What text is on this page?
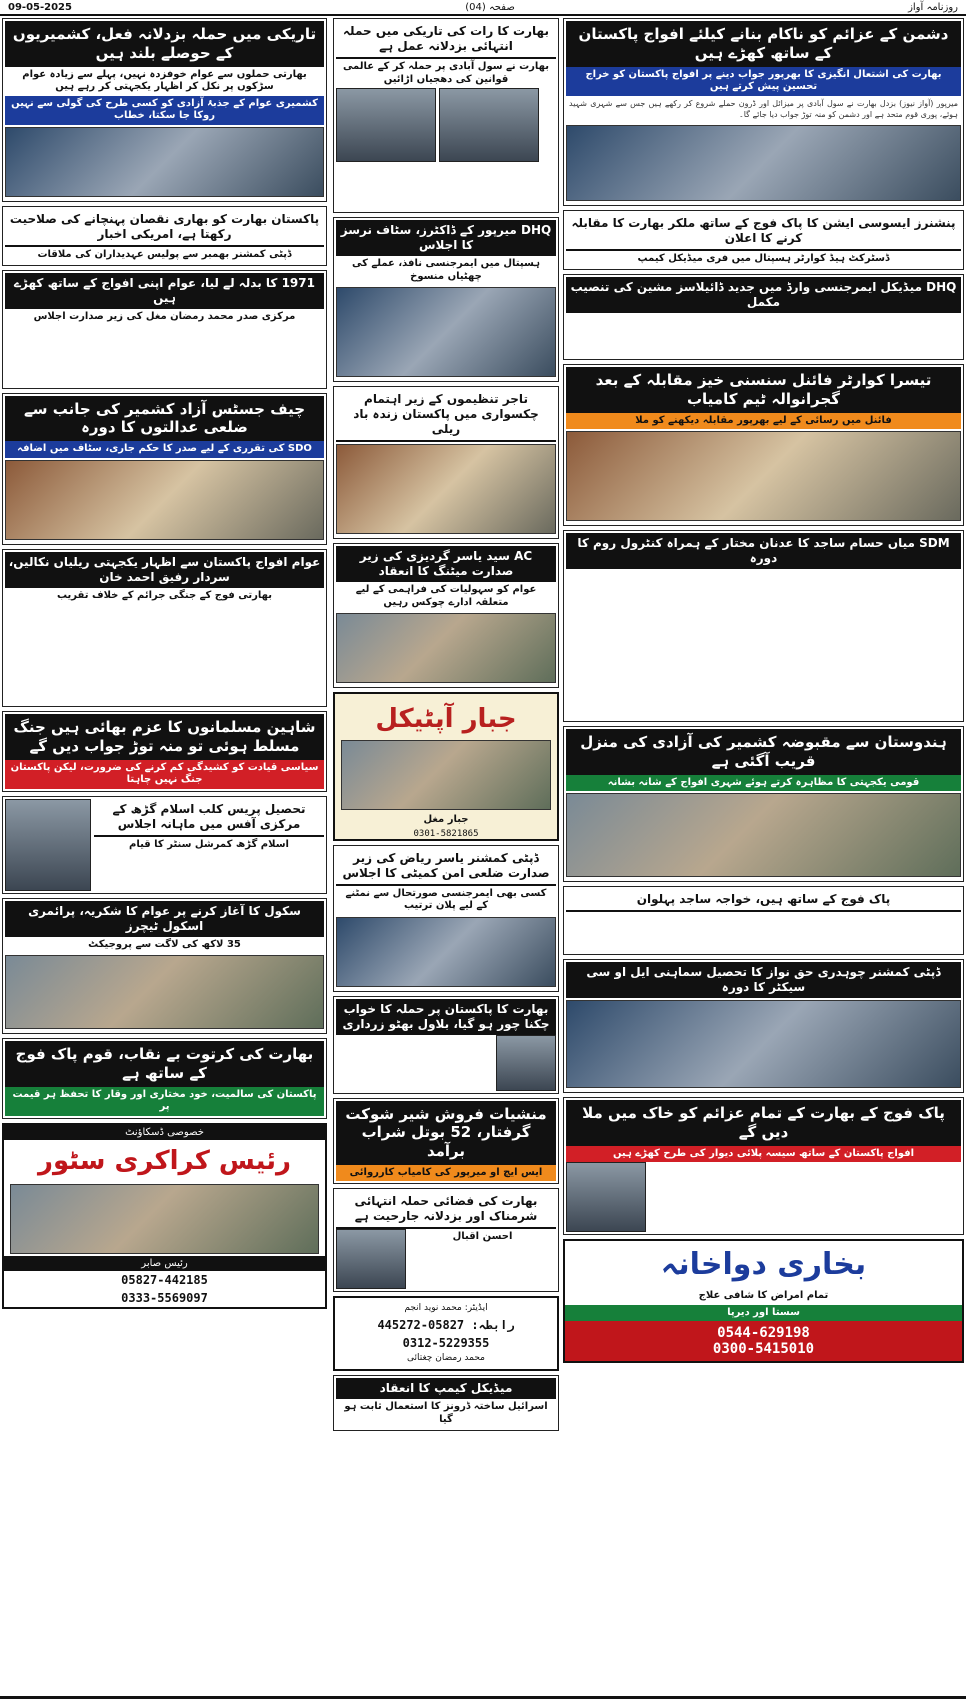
09-05-2025	صفحہ (04)	روزنامہ آواز
تاریکی میں حملہ بزدلانہ فعل، کشمیریوں کے حوصلے بلند ہیں
بھارتی حملوں سے عوام خوفزدہ نہیں، پہلے سے زیادہ عوام سڑکوں پر نکل کر اظہار یکجہتی کر رہے ہیں
کشمیری عوام کے جذبۂ آزادی کو کسی طرح کی گولی سے نہیں روکا جا سکتا، خطاب
پاکستان بھارت کو بھاری نقصان پہنچانے کی صلاحیت رکھتا ہے، امریکی اخبار
ڈپٹی کمشنر بھمبر سے پولیس عہدیداران کی ملاقات
1971 کا بدلہ لے لیا، عوام اپنی افواج کے ساتھ کھڑے ہیں
مرکزی صدر محمد رمضان مغل کی زیر صدارت اجلاس
چیف جسٹس آزاد کشمیر کی جانب سے ضلعی عدالتوں کا دورہ
SDO کی تقرری کے لیے صدر کا حکم جاری، سٹاف میں اضافہ
عوام افواج پاکستان سے اظہار یکجہتی ریلیاں نکالیں، سردار رفیق احمد خان
بھارتی فوج کے جنگی جرائم کے خلاف تقریب
شاہین مسلمانوں کا عزم بھائی ہیں جنگ مسلط ہوئی تو منہ توڑ جواب دیں گے
سیاسی قیادت کو کشیدگی کم کرنے کی ضرورت، لیکن پاکستان جنگ نہیں چاہتا
تحصیل پریس کلب اسلام گڑھ کے مرکزی آفس میں ماہانہ اجلاس
اسلام گڑھ کمرشل سنٹر کا قیام
سکول کا آغاز کرنے پر عوام کا شکریہ، پرائمری اسکول ٹیچرز
35 لاکھ کی لاگت سے پروجیکٹ
بھارت کی کرتوت بے نقاب، قوم پاک فوج کے ساتھ ہے
پاکستان کی سالمیت، خود مختاری اور وقار کا تحفظ ہر قیمت پر
خصوصی ڈسکاؤنٹ
رئیس کراکری سٹور
رئیس صابر
05827-442185
0333-5569097
بھارت کا رات کی تاریکی میں حملہ انتہائی بزدلانہ عمل ہے
بھارت نے سول آبادی پر حملہ کر کے عالمی قوانین کی دھجیاں اڑائیں
DHQ میرپور کے ڈاکٹرز، سٹاف نرسز کا اجلاس
ہسپتال میں ایمرجنسی نافذ، عملے کی چھٹیاں منسوخ
تاجر تنظیموں کے زیر اہتمام چکسواری میں پاکستان زندہ باد ریلی
AC سید یاسر گردیزی کی زیر صدارت میٹنگ کا انعقاد
عوام کو سہولیات کی فراہمی کے لیے متعلقہ ادارے چوکس رہیں
جبار آپٹیکل
جبار مغل
0301-5821865
ڈپٹی کمشنر یاسر ریاض کی زیر صدارت ضلعی امن کمیٹی کا اجلاس
کسی بھی ایمرجنسی صورتحال سے نمٹنے کے لیے پلان ترتیب
بھارت کا پاکستان پر حملہ کا خواب چکنا چور ہو گیا، بلاول بھٹو زرداری
منشیات فروش شیر شوکت گرفتار، 52 بوتل شراب برآمد
ایس ایچ او میرپور کی کامیاب کارروائی
بھارت کی فضائی حملہ انتہائی شرمناک اور بزدلانہ جارحیت ہے
احسن اقبال
ایڈیٹر: محمد نوید انجم
رابطہ: 05827-445272
0312-5229355
محمد رمضان چغتائی
میڈیکل کیمپ کا انعقاد
اسرائیل ساختہ ڈرونز کا استعمال ثابت ہو گیا
دشمن کے عزائم کو ناکام بنانے کیلئے افواج پاکستان کے ساتھ کھڑے ہیں
بھارت کی اشتعال انگیزی کا بھرپور جواب دینے پر افواج پاکستان کو خراج تحسین پیش کرتے ہیں
میرپور (آواز نیوز) بزدل بھارت نے سول آبادی پر میزائل اور ڈرون حملے شروع کر رکھے ہیں جس سے شہری شہید ہوئے، پوری قوم متحد ہے اور دشمن کو منہ توڑ جواب دیا جائے گا۔
پنشنرز ایسوسی ایشن کا پاک فوج کے ساتھ ملکر بھارت کا مقابلہ کرنے کا اعلان
ڈسٹرکٹ ہیڈ کوارٹر ہسپتال میں فری میڈیکل کیمپ
DHQ میڈیکل ایمرجنسی وارڈ میں جدید ڈائیلاسز مشین کی تنصیب مکمل
تیسرا کوارٹر فائنل سنسنی خیز مقابلہ کے بعد گجرانوالہ ٹیم کامیاب
فائنل میں رسائی کے لیے بھرپور مقابلہ دیکھنے کو ملا
SDM میاں حسام ساجد کا عدنان مختار کے ہمراہ کنٹرول روم کا دورہ
ہندوستان سے مقبوضہ کشمیر کی آزادی کی منزل قریب آگئی ہے
قومی یکجہتی کا مظاہرہ کرتے ہوئے شہری افواج کے شانہ بشانہ
پاک فوج کے ساتھ ہیں، خواجہ ساجد پہلوان
ڈپٹی کمشنر چوہدری حق نواز کا تحصیل سماہنی ایل او سی سیکٹر کا دورہ
پاک فوج کے بھارت کے تمام عزائم کو خاک میں ملا دیں گے
افواج پاکستان کے ساتھ سیسہ پلائی دیوار کی طرح کھڑے ہیں
بخاری دواخانہ
تمام امراض کا شافی علاج
سستا اور دیرپا
0544-629198
0300-5415010
